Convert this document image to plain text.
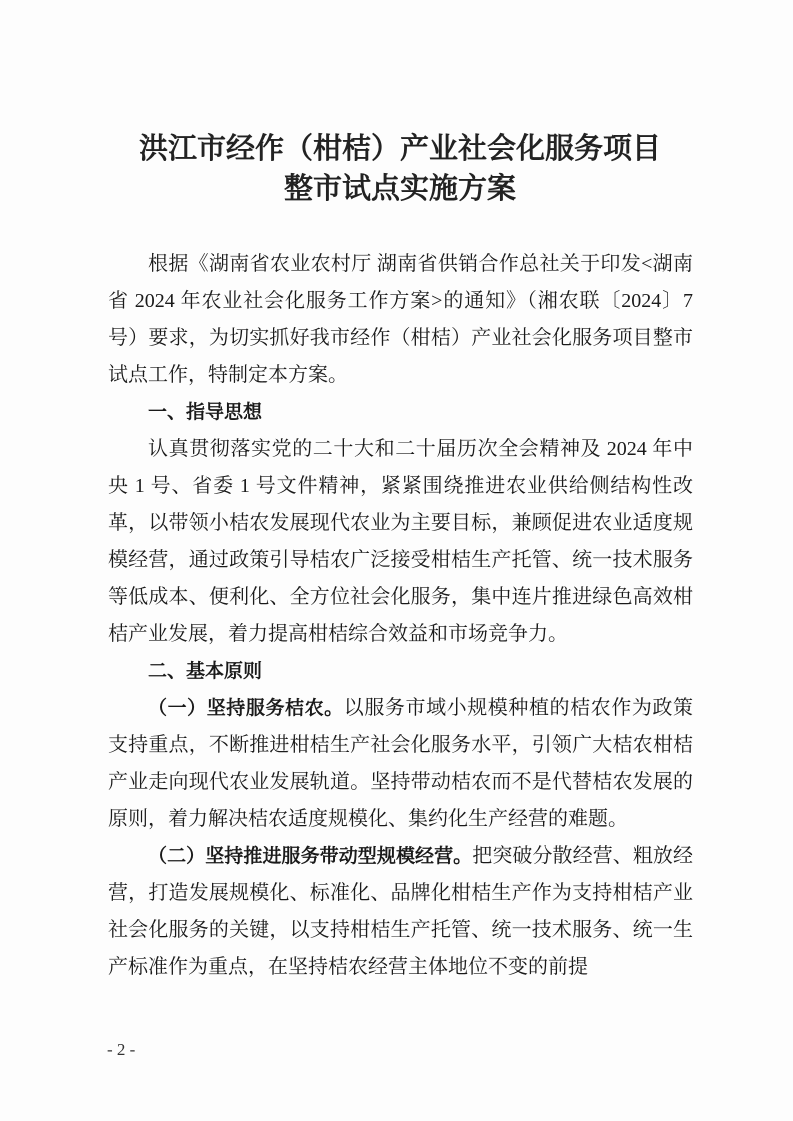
洪江市经作（柑桔）产业社会化服务项目
整市试点实施方案

根据《湖南省农业农村厅 湖南省供销合作总社关于印发<湖南省 2024 年农业社会化服务工作方案>的通知》（湘农联〔2024〕7号）要求，为切实抓好我市经作（柑桔）产业社会化服务项目整市试点工作，特制定本方案。

一、指导思想

认真贯彻落实党的二十大和二十届历次全会精神及 2024 年中央 1 号、省委 1 号文件精神，紧紧围绕推进农业供给侧结构性改革，以带领小桔农发展现代农业为主要目标，兼顾促进农业适度规模经营，通过政策引导桔农广泛接受柑桔生产托管、统一技术服务等低成本、便利化、全方位社会化服务，集中连片推进绿色高效柑桔产业发展，着力提高柑桔综合效益和市场竞争力。

二、基本原则

（一）坚持服务桔农。以服务市域小规模种植的桔农作为政策支持重点，不断推进柑桔生产社会化服务水平，引领广大桔农柑桔产业走向现代农业发展轨道。坚持带动桔农而不是代替桔农发展的原则，着力解决桔农适度规模化、集约化生产经营的难题。

（二）坚持推进服务带动型规模经营。把突破分散经营、粗放经营，打造发展规模化、标准化、品牌化柑桔生产作为支持柑桔产业社会化服务的关键，以支持柑桔生产托管、统一技术服务、统一生产标准作为重点，在坚持桔农经营主体地位不变的前提

- 2 -
